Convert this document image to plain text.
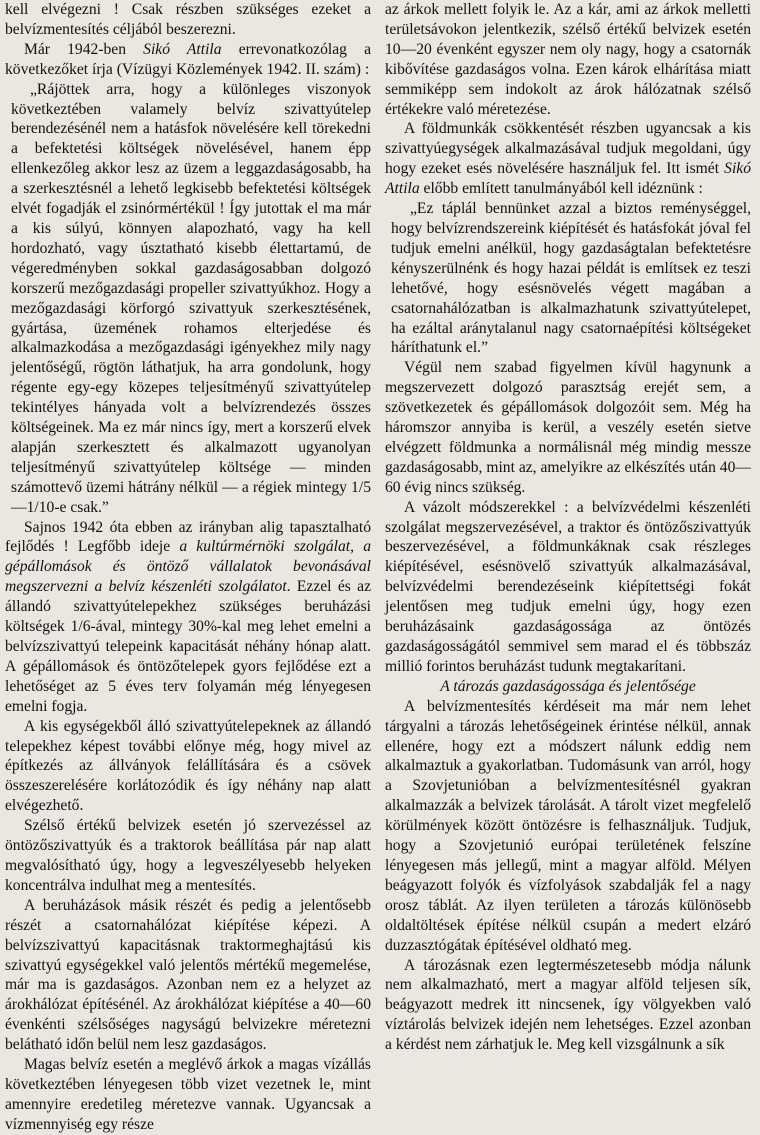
kell elvégezni ! Csak részben szükséges ezeket a belvízmentesítés céljából beszerezni.

Már 1942-ben Sikó Attila errevonatkozólag a következőket írja (Vízügyi Közlemények 1942. II. szám) :

„Rájöttek arra, hogy a különleges viszonyok következtében valamely belvíz szivattyútelep berendezésénél nem a hatásfok növelésére kell törekedni a befektetési költségek növelésével, hanem épp ellenkezőleg akkor lesz az üzem a leggazdaságosabb, ha a szerkesztésnél a lehető legkisebb befektetési költségek elvét fogadják el zsinórmértékül ! Így jutottak el ma már a kis súlyú, könnyen alapozható, vagy ha kell hordozható, vagy úsztatható kisebb élettartamú, de végeredményben sokkal gazdaságosabban dolgozó korszerű mezőgazdasági propeller szivattyúkhoz. Hogy a mezőgazdasági körforgó szivattyuk szerkesztésének, gyártása, üzemének rohamos elterjedése és alkalmazkodása a mezőgazdasági igényekhez mily nagy jelentőségű, rögtön láthatjuk, ha arra gondolunk, hogy régente egy-egy közepes teljesítményű szivattyútelep tekintélyes hányada volt a belvízrendezés összes költségeinek. Ma ez már nincs így, mert a korszerű elvek alapján szerkesztett és alkalmazott ugyanolyan teljesítményű szivattyútelep költsége — minden számottevő üzemi hátrány nélkül — a régiek mintegy 1/5—1/10-e csak.”

Sajnos 1942 óta ebben az irányban alig tapasztalható fejlődés ! Legfőbb ideje a kultúrmérnöki szolgálat, a gépállomások és öntöző vállalatok bevonásával megszervezni a belvíz készenléti szolgálatot. Ezzel és az állandó szivattyútelepekhez szükséges beruházási költségek 1/6-ával, mintegy 30%-kal meg lehet emelni a belvízszivattyú telepeink kapacitását néhány hónap alatt. A gépállomások és öntözőtelepek gyors fejlődése ezt a lehetőséget az 5 éves terv folyamán még lényegesen emelni fogja.

A kis egységekből álló szivattyútelepeknek az állandó telepekhez képest további előnye még, hogy mivel az építkezés az állványok felállítására és a csövek összeszerelésére korlátozódik és így néhány nap alatt elvégezhető.

Szélső értékű belvizek esetén jó szervezéssel az öntözőszivattyúk és a traktorok beállítása pár nap alatt megvalósítható úgy, hogy a legveszélyesebb helyeken koncentrálva indulhat meg a mentesítés.

A beruházások másik részét és pedig a jelentősebb részét a csatornahálózat kiépítése képezi. A belvízszivattyú kapacitásnak traktormeghajtású kis szivattyú egységekkel való jelentős mértékű megemelése, már ma is gazdaságos. Azonban nem ez a helyzet az árokhálózat építésénél. Az árokhálózat kiépítése a 40—60 évenkénti szélsőséges nagyságú belvizekre méretezni belátható időn belül nem lesz gazdaságos.

Magas belvíz esetén a meglévő árkok a magas vízállás következtében lényegesen több vizet vezetnek le, mint amennyire eredetileg méretezve vannak. Ugyancsak a vízmennyiség egy része

az árkok mellett folyik le. Az a kár, ami az árkok melletti területsávokon jelentkezik, szélső értékű belvizek esetén 10—20 évenként egyszer nem oly nagy, hogy a csatornák kibővítése gazdaságos volna. Ezen károk elhárítása miatt semmiképp sem indokolt az árok hálózatnak szélső értékekre való méretezése.

A földmunkák csökkentését részben ugyancsak a kis szivattyúegységek alkalmazásával tudjuk megoldani, úgy hogy ezeket esés növelésére használjuk fel. Itt ismét Sikó Attila előbb említett tanulmányából kell idéznünk :

„Ez táplál bennünket azzal a biztos reménységgel, hogy belvízrendszereink kiépítését és hatásfokát jóval fel tudjuk emelni anélkül, hogy gazdaságtalan befektetésre kényszerülnénk és hogy hazai példát is említsek ez teszi lehetővé, hogy esésnövelés végett magában a csatornahálózatban is alkalmazhatunk szivattyútelepet, ha ezáltal aránytalanul nagy csatornaépítési költségeket háríthatunk el.”

Végül nem szabad figyelmen kívül hagynunk a megszervezett dolgozó parasztság erejét sem, a szövetkezetek és gépállomások dolgozóit sem. Még ha háromszor annyiba is kerül, a veszély esetén sietve elvégzett földmunka a normálisnál még mindig messze gazdaságosabb, mint az, amelyikre az elkészítés után 40—60 évig nincs szükség.

A vázolt módszerekkel : a belvízvédelmi készenléti szolgálat megszervezésével, a traktor és öntözőszivattyúk beszervezésével, a földmunkáknak csak részleges kiépítésével, esésnövelő szivattyúk alkalmazásával, belvízvédelmi berendezéseink kiépítettségi fokát jelentősen meg tudjuk emelni úgy, hogy ezen beruházásaink gazdaságossága az öntözés gazdaságosságától semmivel sem marad el és többszáz millió forintos beruházást tudunk megtakarítani.

A tározás gazdaságossága és jelentősége

A belvízmentesítés kérdéseit ma már nem lehet tárgyalni a tározás lehetőségeinek érintése nélkül, annak ellenére, hogy ezt a módszert nálunk eddig nem alkalmaztuk a gyakorlatban. Tudomásunk van arról, hogy a Szovjetunióban a belvízmentesítésnél gyakran alkalmazzák a belvizek tárolását. A tárolt vizet megfelelő körülmények között öntözésre is felhasználjuk. Tudjuk, hogy a Szovjetunió európai területének felszíne lényegesen más jellegű, mint a magyar alföld. Mélyen beágyazott folyók és vízfolyások szabdalják fel a nagy orosz táblát. Az ilyen területen a tározás különösebb oldaltöltések építése nélkül csupán a medert elzáró duzzasztógátak építésével oldható meg.

A tározásnak ezen legtermészetesebb módja nálunk nem alkalmazható, mert a magyar alföld teljesen sík, beágyazott medrek itt nincsenek, így völgyekben való víztárolás belvizek idején nem lehetséges. Ezzel azonban a kérdést nem zárhatjuk le. Meg kell vizsgálnunk a sík
